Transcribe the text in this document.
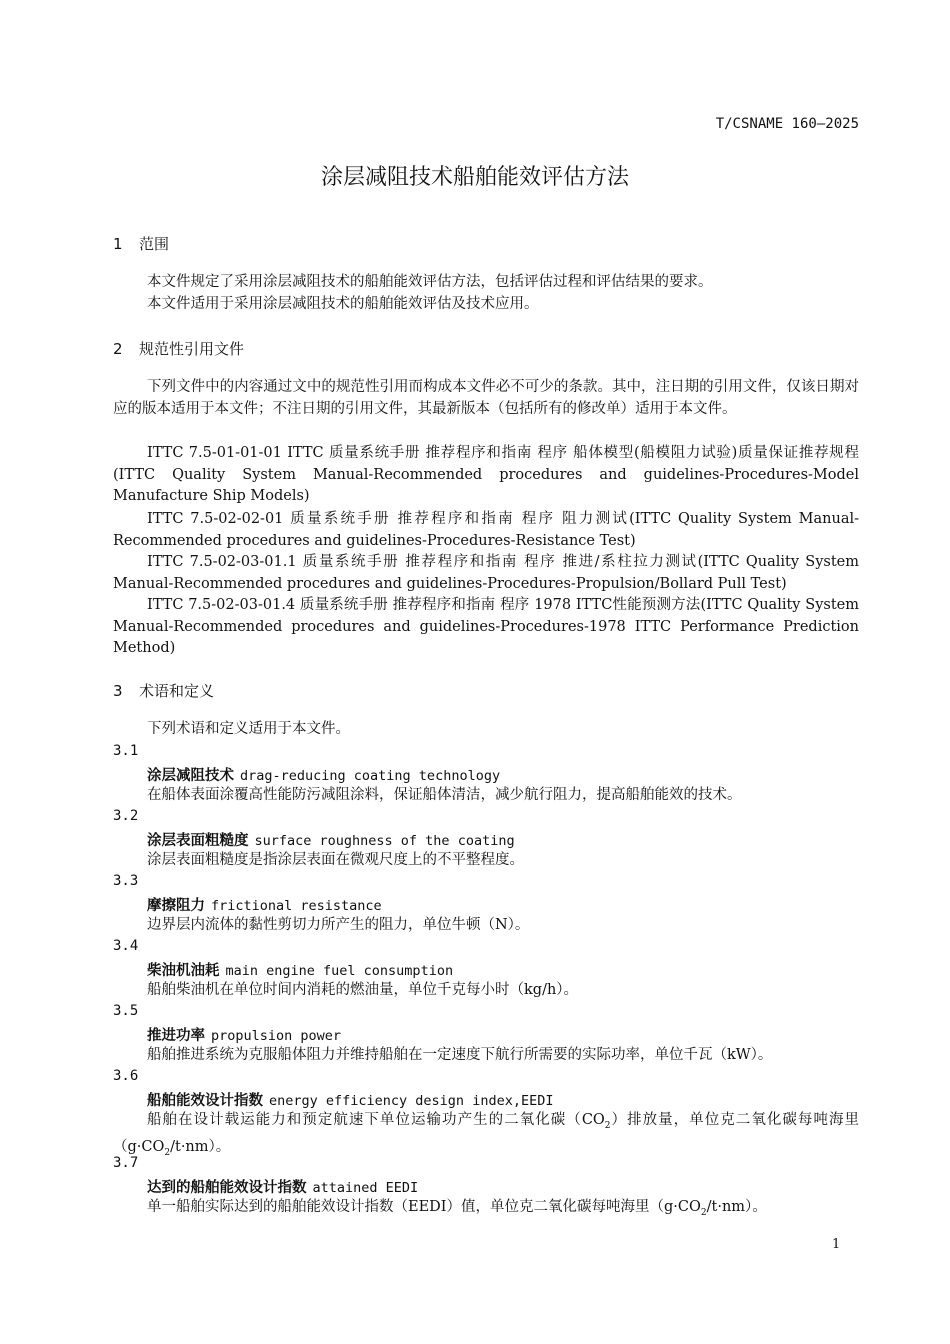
T/CSNAME 160—2025
涂层减阻技术船舶能效评估方法
1 范围

本文件规定了采用涂层减阻技术的船舶能效评估方法，包括评估过程和评估结果的要求。

本文件适用于采用涂层减阻技术的船舶能效评估及技术应用。

2 规范性引用文件

下列文件中的内容通过文中的规范性引用而构成本文件必不可少的条款。其中，注日期的引用文件，仅该日期对应的版本适用于本文件；不注日期的引用文件，其最新版本（包括所有的修改单）适用于本文件。

ITTC 7.5-01-01-01 ITTC 质量系统手册 推荐程序和指南 程序 船体模型(船模阻力试验)质量保证推荐规程(ITTC Quality System Manual-Recommended procedures and guidelines-Procedures-Model Manufacture Ship Models)

ITTC 7.5-02-02-01 质量系统手册 推荐程序和指南 程序 阻力测试(ITTC Quality System Manual-Recommended procedures and guidelines-Procedures-Resistance Test)

ITTC 7.5-02-03-01.1 质量系统手册 推荐程序和指南 程序 推进/系柱拉力测试(ITTC Quality System Manual-Recommended procedures and guidelines-Procedures-Propulsion/Bollard Pull Test)

ITTC 7.5-02-03-01.4 质量系统手册 推荐程序和指南 程序 1978 ITTC性能预测方法(ITTC Quality System Manual-Recommended procedures and guidelines-Procedures-1978 ITTC Performance Prediction Method)

3 术语和定义

下列术语和定义适用于本文件。

3.1
涂层减阻技术 drag-reducing coating technology

在船体表面涂覆高性能防污减阻涂料，保证船体清洁，减少航行阻力，提高船舶能效的技术。

3.2
涂层表面粗糙度 surface roughness of the coating

涂层表面粗糙度是指涂层表面在微观尺度上的不平整程度。

3.3
摩擦阻力 frictional resistance

边界层内流体的黏性剪切力所产生的阻力，单位牛顿（N）。

3.4
柴油机油耗 main engine fuel consumption

船舶柴油机在单位时间内消耗的燃油量，单位千克每小时（kg/h）。

3.5
推进功率 propulsion power

船舶推进系统为克服船体阻力并维持船舶在一定速度下航行所需要的实际功率，单位千瓦（kW）。

3.6
船舶能效设计指数 energy efficiency design index,EEDI

船舶在设计载运能力和预定航速下单位运输功产生的二氧化碳$(CO_2)$排放量，单位克二氧化碳每吨海里$(g\cdot CO_2/t\cdot nm)$。

3.7
达到的船舶能效设计指数 attained EEDI

单一船舶实际达到的船舶能效设计指数（EEDI）值，单位克二氧化碳每吨海里$(g\cdot CO_2/t\cdot nm)$。

1
